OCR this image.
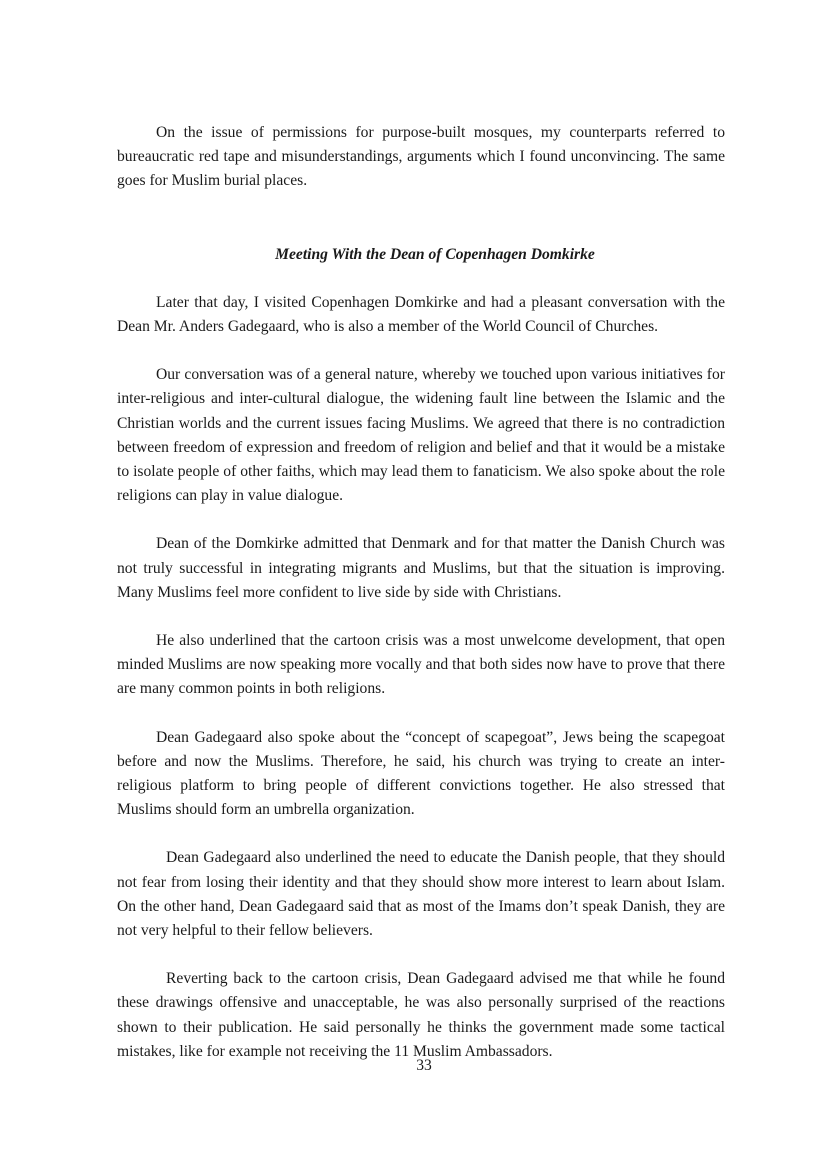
On the issue of permissions for purpose-built mosques, my counterparts referred to bureaucratic red tape and misunderstandings, arguments which I found unconvincing. The same goes for Muslim burial places.

Meeting With the Dean of Copenhagen Domkirke

Later that day, I visited Copenhagen Domkirke and had a pleasant conversation with the Dean Mr. Anders Gadegaard, who is also a member of the World Council of Churches.

Our conversation was of a general nature, whereby we touched upon various initiatives for inter-religious and inter-cultural dialogue, the widening fault line between the Islamic and the Christian worlds and the current issues facing Muslims. We agreed that there is no contradiction between freedom of expression and freedom of religion and belief and that it would be a mistake to isolate people of other faiths, which may lead them to fanaticism. We also spoke about the role religions can play in value dialogue.

Dean of the Domkirke admitted that Denmark and for that matter the Danish Church was not truly successful in integrating migrants and Muslims, but that the situation is improving. Many Muslims feel more confident to live side by side with Christians.

He also underlined that the cartoon crisis was a most unwelcome development, that open minded Muslims are now speaking more vocally and that both sides now have to prove that there are many common points in both religions.

Dean Gadegaard also spoke about the “concept of scapegoat”, Jews being the scapegoat before and now the Muslims. Therefore, he said, his church was trying to create an inter-religious platform to bring people of different convictions together. He also stressed that Muslims should form an umbrella organization.

Dean Gadegaard also underlined the need to educate the Danish people, that they should not fear from losing their identity and that they should show more interest to learn about Islam. On the other hand, Dean Gadegaard said that as most of the Imams don’t speak Danish, they are not very helpful to their fellow believers.

Reverting back to the cartoon crisis, Dean Gadegaard advised me that while he found these drawings offensive and unacceptable, he was also personally surprised of the reactions shown to their publication. He said personally he thinks the government made some tactical mistakes, like for example not receiving the 11 Muslim Ambassadors.

33
